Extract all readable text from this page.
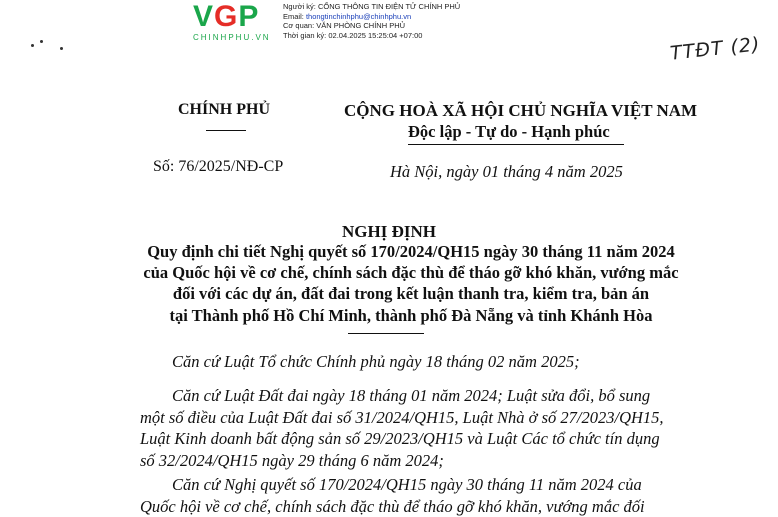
VGP
CHINHPHU.VN
Người ký: CỔNG THÔNG TIN ĐIỆN TỬ CHÍNH PHỦ
Email: thongtinchinhphu@chinhphu.vn
Cơ quan: VĂN PHÒNG CHÍNH PHỦ
Thời gian ký: 02.04.2025 15:25:04 +07:00	TTĐT (2)
CHÍNH PHỦ	CỘNG HOÀ XÃ HỘI CHỦ NGHĨA VIỆT NAM
Độc lập - Tự do - Hạnh phúc
Số: 76/2025/NĐ-CP	Hà Nội, ngày 01 tháng 4 năm 2025
NGHỊ ĐỊNH
Quy định chi tiết Nghị quyết số 170/2024/QH15 ngày 30 tháng 11 năm 2024
của Quốc hội về cơ chế, chính sách đặc thù để tháo gỡ khó khăn, vướng mắc
đối với các dự án, đất đai trong kết luận thanh tra, kiểm tra, bản án
tại Thành phố Hồ Chí Minh, thành phố Đà Nẵng và tỉnh Khánh Hòa
Căn cứ Luật Tổ chức Chính phủ ngày 18 tháng 02 năm 2025;
Căn cứ Luật Đất đai ngày 18 tháng 01 năm 2024; Luật sửa đổi, bổ sung
một số điều của Luật Đất đai số 31/2024/QH15, Luật Nhà ở số 27/2023/QH15,
Luật Kinh doanh bất động sản số 29/2023/QH15 và Luật Các tổ chức tín dụng
số 32/2024/QH15 ngày 29 tháng 6 năm 2024;
Căn cứ Nghị quyết số 170/2024/QH15 ngày 30 tháng 11 năm 2024 của
Quốc hội về cơ chế, chính sách đặc thù để tháo gỡ khó khăn, vướng mắc đối
